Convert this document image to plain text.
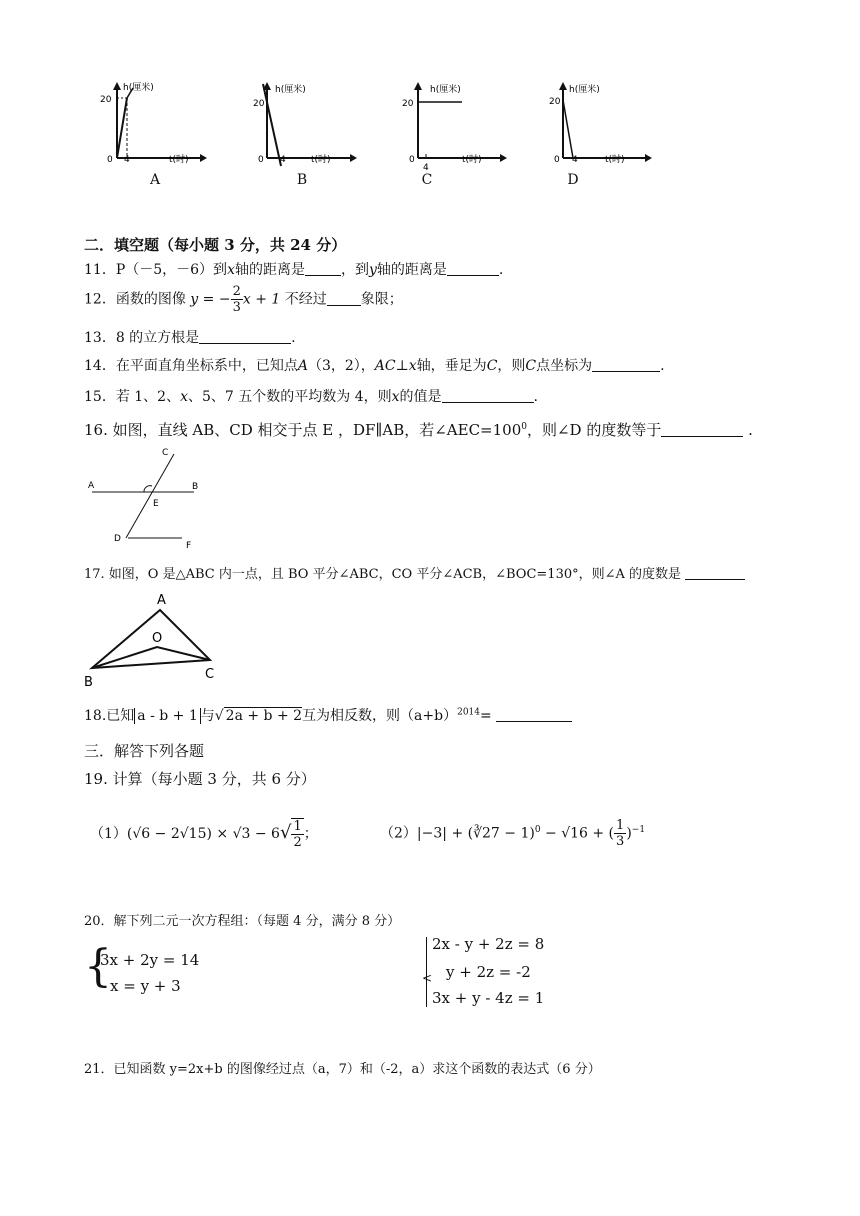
h(厘米)
20
0 4	t(时)
h(厘米)
20
0 4	t(时)
h(厘米)
20
0
4
t(时)
h(厘米)
20
0 4	t(时)
A	B	C	D
二．填空题（每小题 3 分，共 24 分）
11．P（－5，－6）到x轴的距离是	，到y轴的距离是	.
12．函数的图像 y = − $\frac{2}{3}$ x + 1 不经过 象限；
13．8 的立方根是	.
14．在平面直角坐标系中，已知点A（3，2），AC⊥x轴，垂足为C，则C点坐标为	.
15．若 1、2、x、5、7 五个数的平均数为 4，则x的值是	.
16. 如图，直线 AB、CD 相交于点 E ，DF∥AB，若$\angle AEC=100^0$，则∠D 的度数等于	.
A	B
C
D
E
F
17. 如图，O 是△ABC 内一点，且 BO 平分∠ABC，CO 平分∠ACB，∠BOC=130°，则∠A 的度数是
A
B
C
O
18.已知 a - b + 1 与√ 2a + b + 2互为相反数，则$(a+b)^{2014}=$
三．解答下列各题
19. 计算（每小题 3 分，共 6 分）
$(1)(√6 - 2√15) \times √3 - 6√ \frac{1}{2}$ ；	（2）|−3| + (∛27 − 1)$^0$ − √16 + ( $\frac{1}{3} )^{-1}$
20．解下列二元一次方程组：（每题 4 分，满分 8 分）
{
3x + 2y = 14
x = y + 3	<
2x - y + 2z = 8
y + 2z = -2
3x + y - 4z = 1
21．已知函数 y=2x+b 的图像经过点（a，7）和（-2，a）求这个函数的表达式（6 分）
